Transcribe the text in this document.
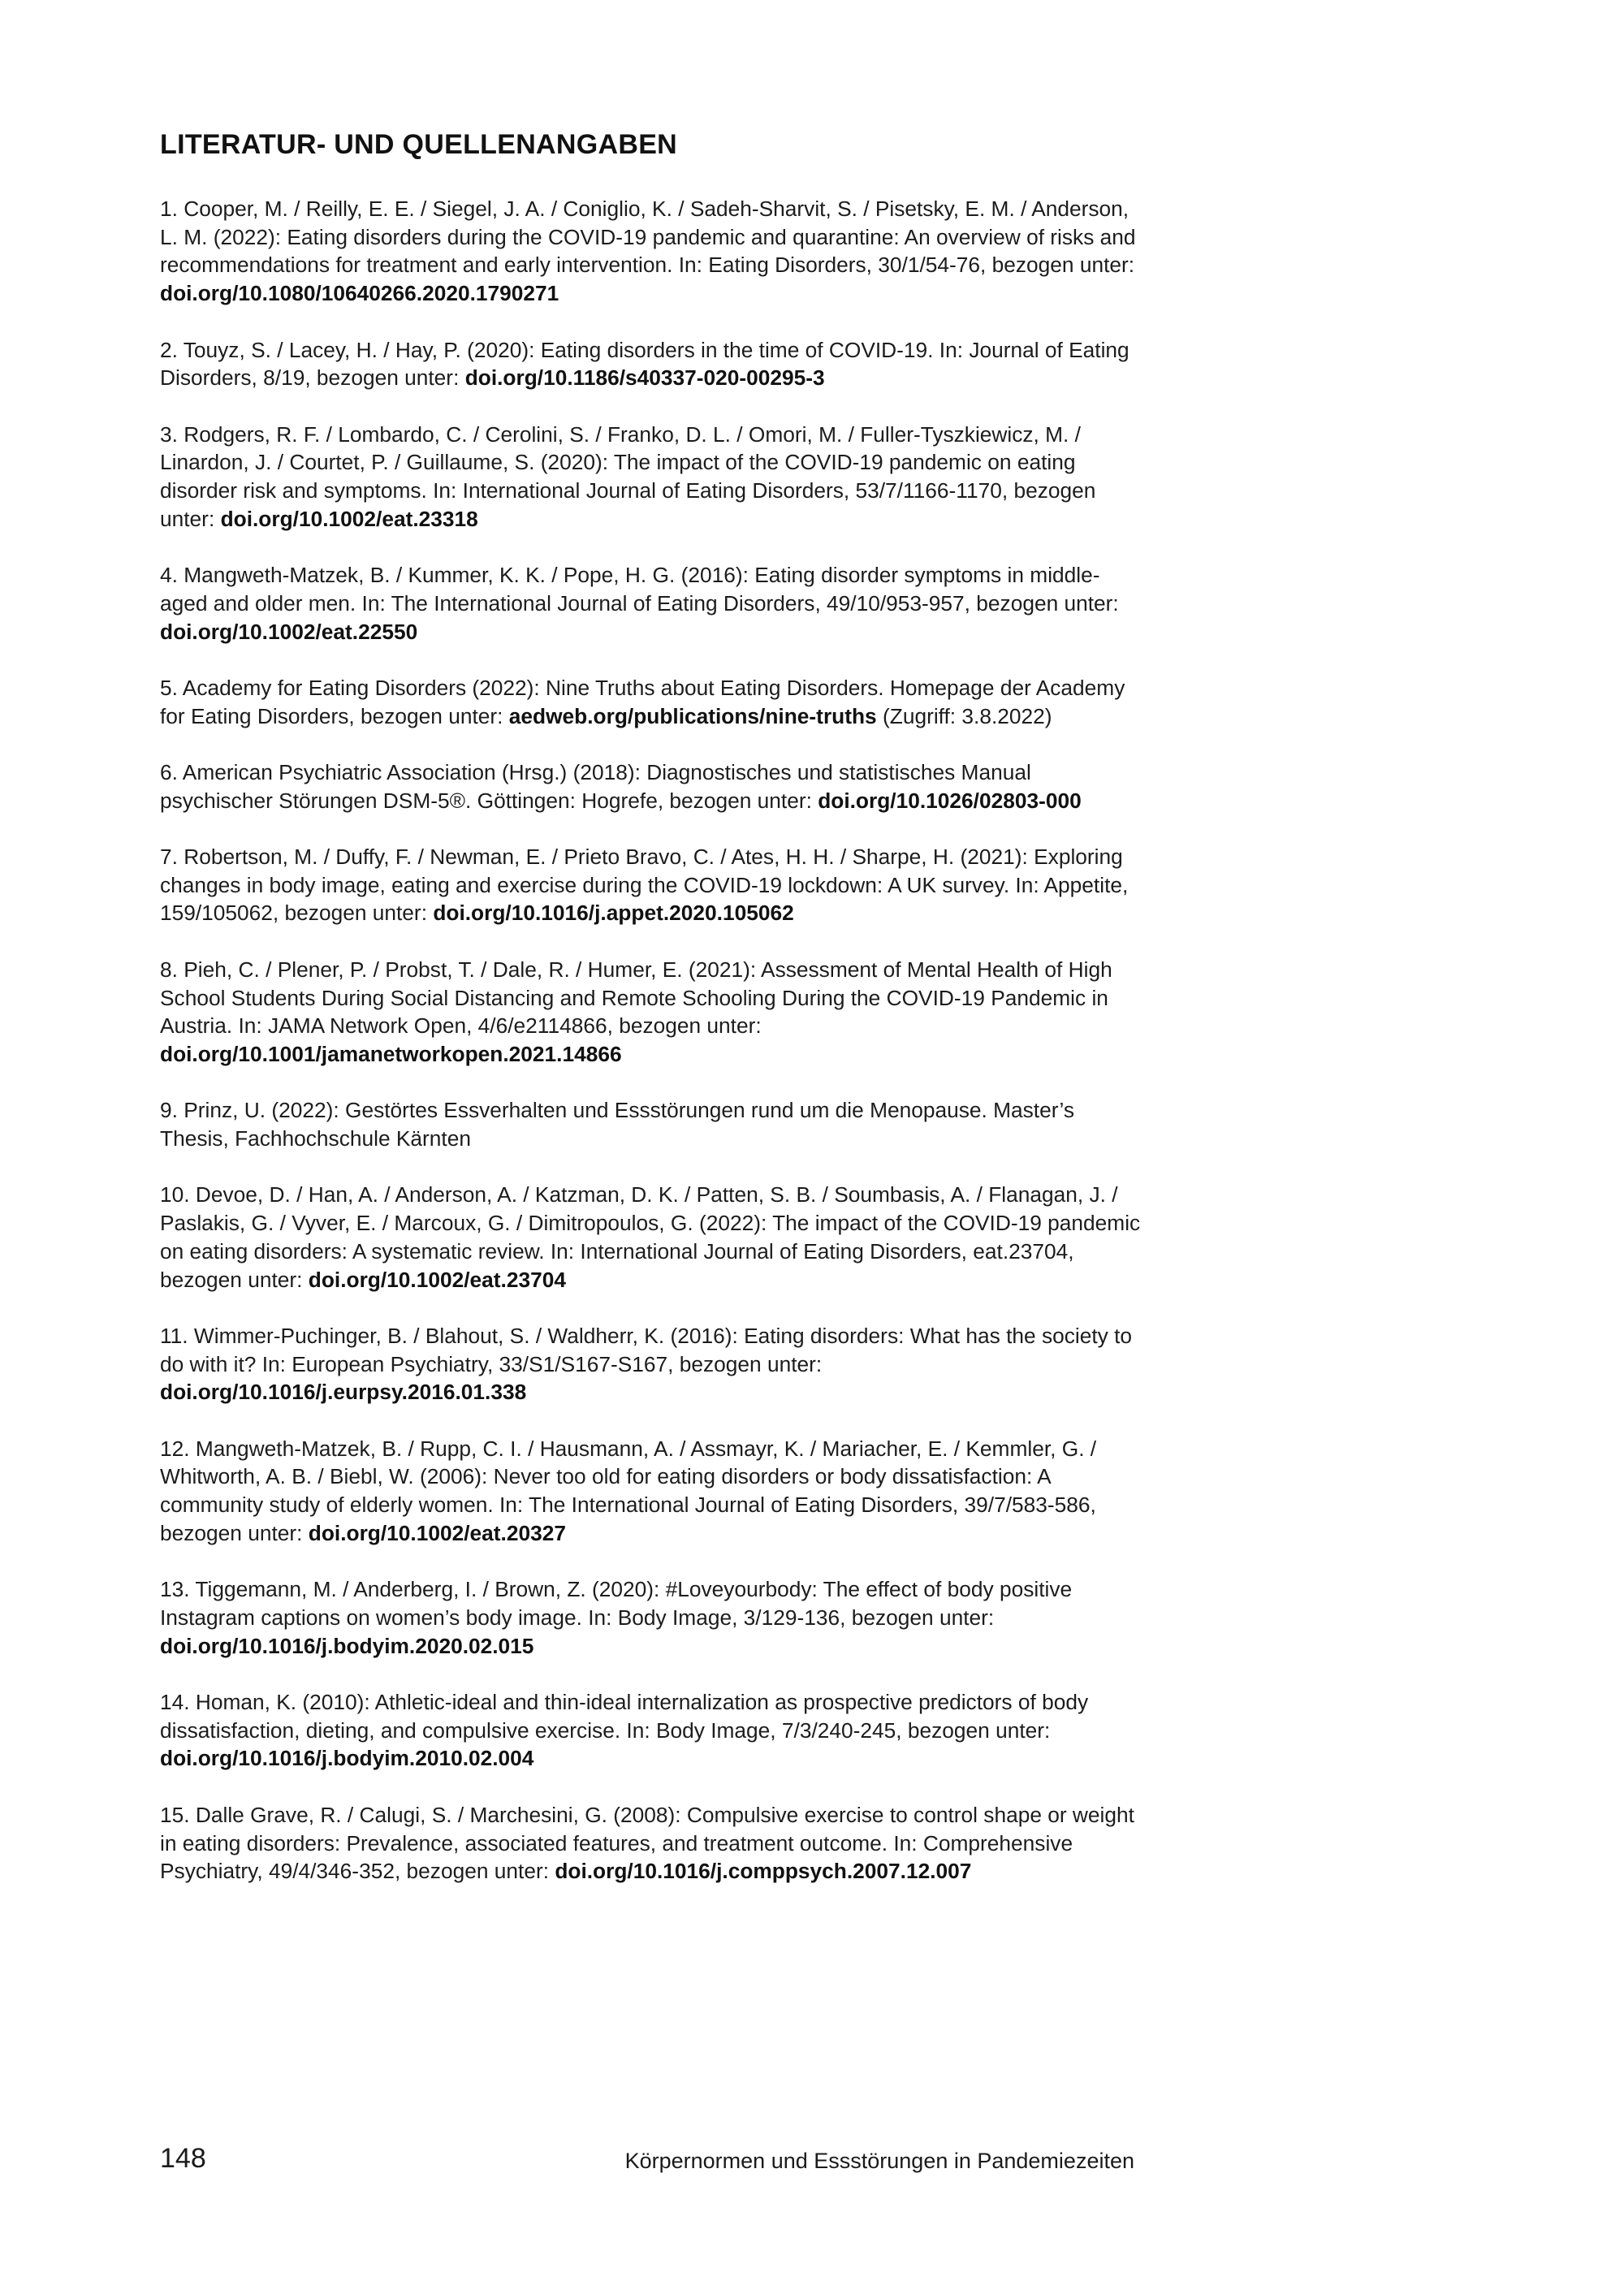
LITERATUR- UND QUELLENANGABEN
1. Cooper, M. / Reilly, E. E. / Siegel, J. A. / Coniglio, K. / Sadeh-Sharvit, S. / Pisetsky, E. M. / Anderson, L. M. (2022): Eating disorders during the COVID-19 pandemic and quarantine: An overview of risks and recommendations for treatment and early intervention. In: Eating Disorders, 30/1/54-76, bezogen unter: doi.org/10.1080/10640266.2020.1790271
2. Touyz, S. / Lacey, H. / Hay, P. (2020): Eating disorders in the time of COVID-19. In: Journal of Eating Disorders, 8/19, bezogen unter: doi.org/10.1186/s40337-020-00295-3
3. Rodgers, R. F. / Lombardo, C. / Cerolini, S. / Franko, D. L. / Omori, M. / Fuller-Tyszkiewicz, M. / Linardon, J. / Courtet, P. / Guillaume, S. (2020): The impact of the COVID-19 pandemic on eating disorder risk and symptoms. In: International Journal of Eating Disorders, 53/7/1166-1170, bezogen unter: doi.org/10.1002/eat.23318
4. Mangweth-Matzek, B. / Kummer, K. K. / Pope, H. G. (2016): Eating disorder symptoms in middle-aged and older men. In: The International Journal of Eating Disorders, 49/10/953-957, bezogen unter: doi.org/10.1002/eat.22550
5. Academy for Eating Disorders (2022): Nine Truths about Eating Disorders. Homepage der Academy for Eating Disorders, bezogen unter: aedweb.org/publications/nine-truths (Zugriff: 3.8.2022)
6. American Psychiatric Association (Hrsg.) (2018): Diagnostisches und statistisches Manual psychischer Störungen DSM-5®. Göttingen: Hogrefe, bezogen unter: doi.org/10.1026/02803-000
7. Robertson, M. / Duffy, F. / Newman, E. / Prieto Bravo, C. / Ates, H. H. / Sharpe, H. (2021): Exploring changes in body image, eating and exercise during the COVID-19 lockdown: A UK survey. In: Appetite, 159/105062, bezogen unter: doi.org/10.1016/j.appet.2020.105062
8. Pieh, C. / Plener, P. / Probst, T. / Dale, R. / Humer, E. (2021): Assessment of Mental Health of High School Students During Social Distancing and Remote Schooling During the COVID-19 Pandemic in Austria. In: JAMA Network Open, 4/6/e2114866, bezogen unter: doi.org/10.1001/jamanetworkopen.2021.14866
9. Prinz, U. (2022): Gestörtes Essverhalten und Essstörungen rund um die Menopause. Master’s Thesis, Fachhochschule Kärnten
10. Devoe, D. / Han, A. / Anderson, A. / Katzman, D. K. / Patten, S. B. / Soumbasis, A. / Flanagan, J. / Paslakis, G. / Vyver, E. / Marcoux, G. / Dimitropoulos, G. (2022): The impact of the COVID-19 pandemic on eating disorders: A systematic review. In: International Journal of Eating Disorders, eat.23704, bezogen unter: doi.org/10.1002/eat.23704
11. Wimmer-Puchinger, B. / Blahout, S. / Waldherr, K. (2016): Eating disorders: What has the society to do with it? In: European Psychiatry, 33/S1/S167-S167, bezogen unter: doi.org/10.1016/j.eurpsy.2016.01.338
12. Mangweth-Matzek, B. / Rupp, C. I. / Hausmann, A. / Assmayr, K. / Mariacher, E. / Kemmler, G. / Whitworth, A. B. / Biebl, W. (2006): Never too old for eating disorders or body dissatisfaction: A community study of elderly women. In: The International Journal of Eating Disorders, 39/7/583-586, bezogen unter: doi.org/10.1002/eat.20327
13. Tiggemann, M. / Anderberg, I. / Brown, Z. (2020): #Loveyourbody: The effect of body positive Instagram captions on women’s body image. In: Body Image, 3/129-136, bezogen unter: doi.org/10.1016/j.bodyim.2020.02.015
14. Homan, K. (2010): Athletic-ideal and thin-ideal internalization as prospective predictors of body dissatisfaction, dieting, and compulsive exercise. In: Body Image, 7/3/240-245, bezogen unter: doi.org/10.1016/j.bodyim.2010.02.004
15. Dalle Grave, R. / Calugi, S. / Marchesini, G. (2008): Compulsive exercise to control shape or weight in eating disorders: Prevalence, associated features, and treatment outcome. In: Comprehensive Psychiatry, 49/4/346-352, bezogen unter: doi.org/10.1016/j.comppsych.2007.12.007
148	Körpernormen und Essstörungen in Pandemiezeiten
